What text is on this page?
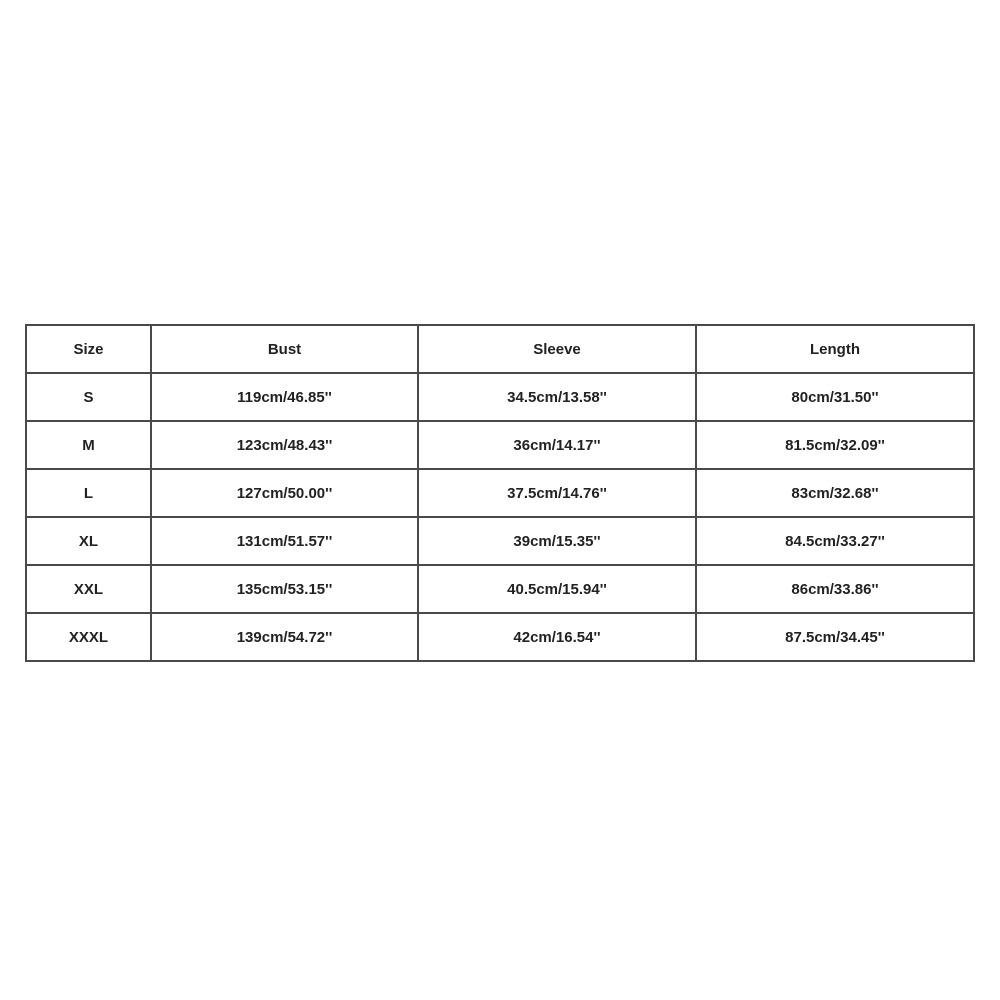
Size	Bust	Sleeve	Length
S	119cm/46.85''	34.5cm/13.58''	80cm/31.50''
M	123cm/48.43''	36cm/14.17''	81.5cm/32.09''
L	127cm/50.00''	37.5cm/14.76''	83cm/32.68''
XL	131cm/51.57''	39cm/15.35''	84.5cm/33.27''
XXL	135cm/53.15''	40.5cm/15.94''	86cm/33.86''
XXXL	139cm/54.72''	42cm/16.54''	87.5cm/34.45''
